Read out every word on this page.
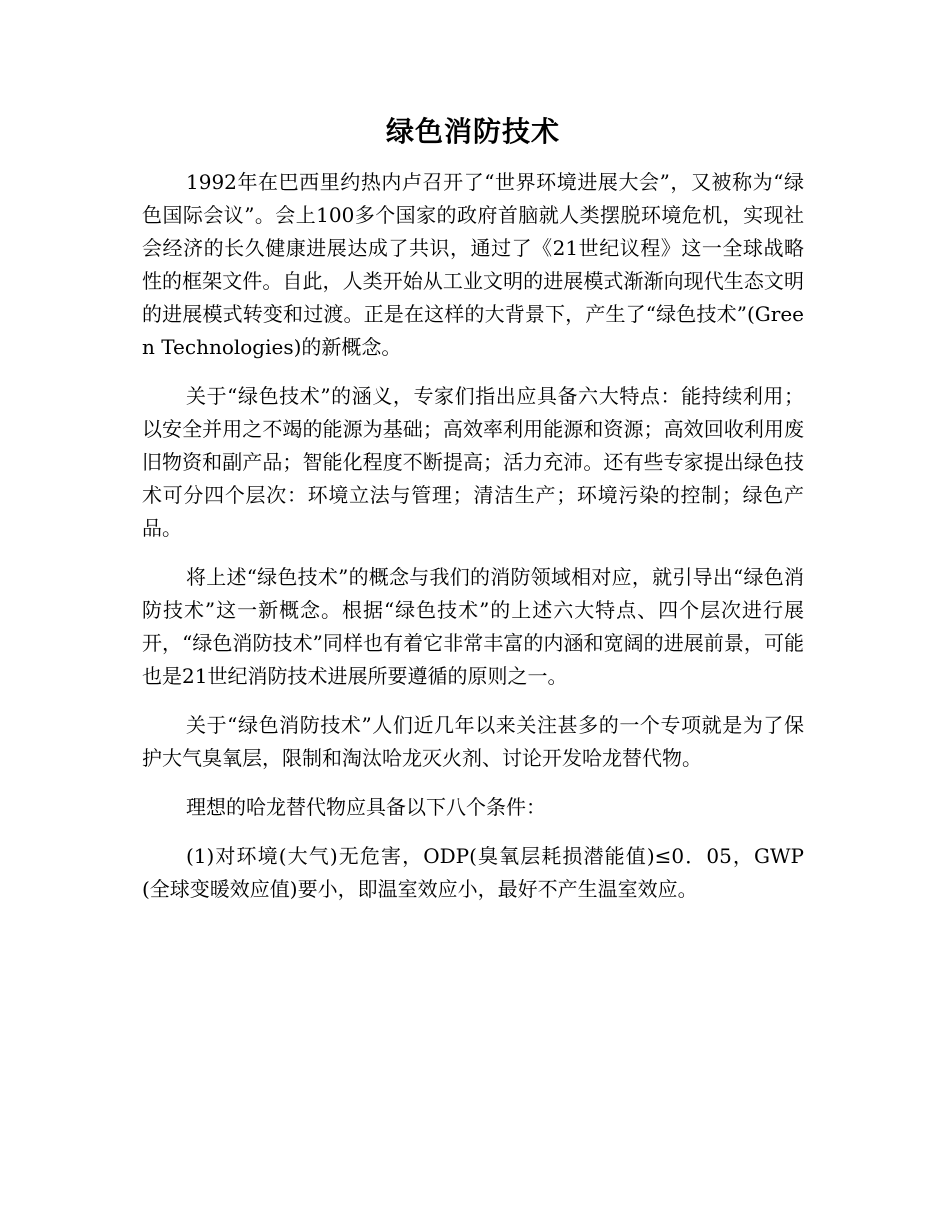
绿色消防技术

1992年在巴西里约热内卢召开了“世界环境进展大会”，又被称为“绿色国际会议”。会上100多个国家的政府首脑就人类摆脱环境危机，实现社会经济的长久健康进展达成了共识，通过了《21世纪议程》这一全球战略性的框架文件。自此，人类开始从工业文明的进展模式渐渐向现代生态文明的进展模式转变和过渡。正是在这样的大背景下，产生了“绿色技术”(Green Technologies)的新概念。

关于“绿色技术”的涵义，专家们指出应具备六大特点：能持续利用；以安全并用之不竭的能源为基础；高效率利用能源和资源；高效回收利用废旧物资和副产品；智能化程度不断提高；活力充沛。还有些专家提出绿色技术可分四个层次：环境立法与管理；清洁生产；环境污染的控制；绿色产品。

将上述“绿色技术”的概念与我们的消防领域相对应，就引导出“绿色消防技术”这一新概念。根据“绿色技术”的上述六大特点、四个层次进行展开，“绿色消防技术”同样也有着它非常丰富的内涵和宽阔的进展前景，可能也是21世纪消防技术进展所要遵循的原则之一。

关于“绿色消防技术”人们近几年以来关注甚多的一个专项就是为了保护大气臭氧层，限制和淘汰哈龙灭火剂、讨论开发哈龙替代物。

理想的哈龙替代物应具备以下八个条件：

(1)对环境(大气)无危害，ODP(臭氧层耗损潜能值)≤0．05，GWP(全球变暖效应值)要小，即温室效应小，最好不产生温室效应。
